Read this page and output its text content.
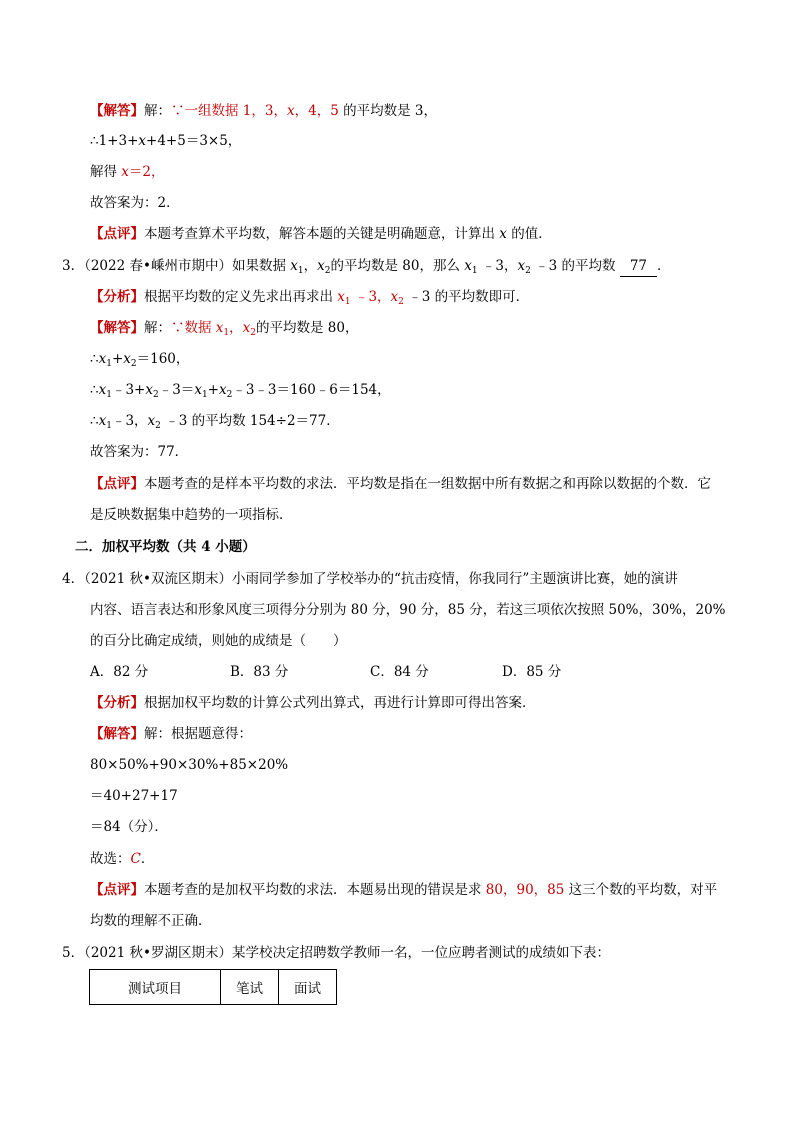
【解答】解：∵一组数据 1，3，x，4，5 的平均数是 3，
∴1+3+x+4+5＝3×5，
解得 x＝2，
故答案为：2．
【点评】本题考查算术平均数，解答本题的关键是明确题意，计算出 x 的值．
3．（2022 春•嵊州市期中）如果数据 $x_1$，$x_2$的平均数是 80，那么 $x_1$ ﹣3，$x_2$ ﹣3 的平均数 77 ．
【分析】根据平均数的定义先求出再求出 $x_1$ ﹣3，$x_2$ ﹣3 的平均数即可．
【解答】解：∵数据 $x_1$，$x_2$的平均数是 80，
$\therefore x_1+x_2=160$，
$\therefore x_1﹣3+x_2﹣3=x_1+x_2﹣3﹣3=160﹣6=154$，
$\therefore x_1﹣3$，$x_2$ ﹣3 的平均数 154÷2＝77．
故答案为：77．
【点评】本题考查的是样本平均数的求法．平均数是指在一组数据中所有数据之和再除以数据的个数．它
是反映数据集中趋势的一项指标．
二．加权平均数（共 4 小题）
4．（2021 秋•双流区期末）小雨同学参加了学校举办的“抗击疫情，你我同行”主题演讲比赛，她的演讲
内容、语言表达和形象风度三项得分分别为 80 分，90 分，85 分，若这三项依次按照 50%，30%，20%
的百分比确定成绩，则她的成绩是（　　）
A．82 分	B．83 分	C．84 分	D．85 分
【分析】根据加权平均数的计算公式列出算式，再进行计算即可得出答案．
【解答】解：根据题意得：
80×50%+90×30%+85×20%
＝40+27+17
＝84（分）．
故选：C．
【点评】本题考查的是加权平均数的求法．本题易出现的错误是求 80，90，85 这三个数的平均数，对平
均数的理解不正确．
5．（2021 秋•罗湖区期末）某学校决定招聘数学教师一名，一位应聘者测试的成绩如下表：
测试项目	笔试	面试
